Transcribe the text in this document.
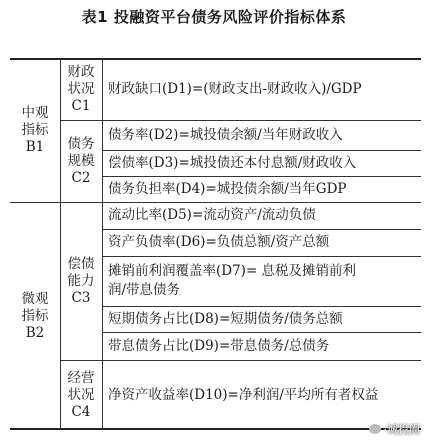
表1 投融资平台债务风险评价指标体系
中观
指标
B1
微观
指标
B2
财政
状况
C1
债务
规模
C2
偿债
能力
C3
经营
状况
C4
财政缺口(D1)=(财政支出-财政收入)/GDP
债务率(D2)=城投债余额/当年财政收入
偿债率(D3)=城投债还本付息额/财政收入
债务负担率(D4)=城投债余额/当年GDP
流动比率(D5)=流动资产/流动负债
资产负债率(D6)=负债总额/资产总额
摊销前利润覆盖率(D7)= 息税及摊销前利
润/带息债务
短期债务占比(D8)=短期债务/债务总额
带息债务占比(D9)=带息债务/总债务
净资产收益率(D10)=净利润/平均所有者权益
·城投圈
